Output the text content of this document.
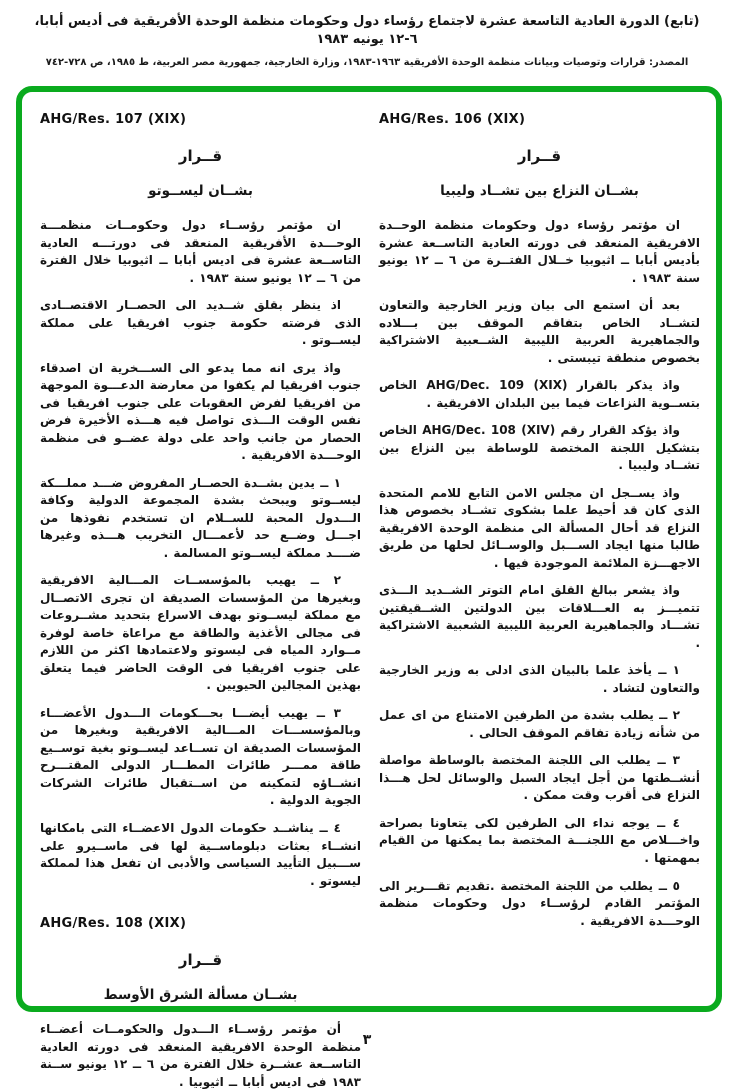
(تابع) الدورة العادية التاسعة عشرة لاجتماع رؤساء دول وحكومات منظمة الوحدة الأفريقية فى أديس أبابا، ٦-١٢ يونيه ١٩٨٣
المصدر: قرارات وتوصيات وبيانات منظمة الوحدة الأفريقية ١٩٦٣-١٩٨٣، وزارة الخارجية، جمهورية مصر العربية، ط ١٩٨٥، ص ٧٢٨-٧٤٢
AHG/Res. 106 (XIX)
قــرار
بشــان النزاع بين تشــاد وليبيا

ان مؤتمر رؤساء دول وحكومات منظمة الوحــدة الافريقية المنعقد فى دورته العادية التاســعة عشرة بأديس أبابا ــ اثيوبيا خــلال الفتــرة من ٦ ــ ١٢ يونيو سنة ١٩٨٣ .

بعد أن استمع الى بيان وزير الخارجية والتعاون لتشــاد الخاص بتفاقم الموقف بين بـــلاده والجماهيرية العربية الليبية الشــعبية الاشتراكية بخصوص منطقة تيبستى .

واذ يذكر بالقرار AHG/Dec. 109 (XIX) الخاص بتســوية النزاعات فيما بين البلدان الافريقية .

واذ يؤكد القرار رقم AHG/Dec. 108 (XIV) الخاص بتشكيل اللجنة المختصة للوساطة بين النزاع بين تشــاد وليبيا .

واذ يســجل ان مجلس الامن التابع للامم المتحدة الذى كان قد أحيط علما بشكوى تشــاد بخصوص هذا النزاع قد أحال المسألة الى منظمة الوحدة الافريقية طالبا منها ايجاد الســـبل والوســائل لحلها من طريق الاجهـــزة الملائمة الموجودة فيها .

واذ يشعر ببالغ القلق امام التوتر الشــديد الـــذى تتميـــز به العـــلاقات بين الدولتين الشــقيقتين تشـــاد والجماهيرية العربية الليبية الشعبية الاشتراكية .

١ ــ يأخذ علما بالبيان الذى ادلى به وزير الخارجية والتعاون لتشاد .

٢ ــ يطلب بشدة من الطرفين الامتناع من اى عمل من شأنه زيادة تفاقم الموقف الحالى .

٣ ــ يطلب الى اللجنة المختصة بالوساطة مواصلة أنشــطتها من أجل ايجاد السبل والوسائل لحل هـــذا النزاع فى أقرب وقت ممكن .

٤ ــ يوجه نداء الى الطرفين لكى يتعاونا بصراحة واخـــلاص مع اللجنـــة المختصة بما يمكنها من القيام بمهمتها .

٥ ــ يطلب من اللجنة المختصة .تقديم تقـــرير الى المؤتمر القادم لرؤســاء دول وحكومات منظمة الوحـــدة الافريقية .

AHG/Res. 107 (XIX)
قــرار
بشــان ليســوتو

ان مؤتمر رؤســاء دول وحكومــات منظمـــة الوحـــدة الأفريقية المنعقد فى دورتـــه العادية التاســعة عشرة فى اديس أبابا ــ اثيوبيا خلال الفترة من ٦ ــ ١٢ يونيو سنة ١٩٨٣ .

اذ ينظر بقلق شــديد الى الحصــار الاقتصــادى الذى فرضته حكومة جنوب افريقيا على مملكة ليســوتو .

واذ يرى انه مما يدعو الى الســـخرية ان اصدقاء جنوب افريقيا لم يكفوا من معارضة الدعـــوة الموجهة من افريقيا لفرض العقوبات على جنوب افريقيا فى نفس الوقت الـــذى تواصل فيه هـــذه الأخيرة فرض الحصار من جانب واحد على دولة عضــو فى منظمة الوحـــدة الافريقية .

١ ــ يدين بشــدة الحصــار المفروض ضـــد مملـــكة ليســوتو ويبحث بشدة المجموعة الدولية وكافة الـــدول المحبة للســلام ان تستخدم نفوذها من اجـــل وضــع حد لأعمـــال التخريب هـــذه وغيرها ضــــد مملكة ليســوتو المسالمة .

٢ ــ يهيب بالمؤسســات المـــالية الافريقية وبغيرها من المؤسسات الصديقة ان تجرى الاتصــال مع مملكة ليســوتو بهدف الاسراع بتحديد مشــروعات فى مجالى الأغذية والطاقة مع مراعاة خاصة لوفرة مــوارد المياه فى ليسوتو ولاعتمادها اكثر من اللازم على جنوب افريقيا فى الوقت الحاضر فيما يتعلق بهذين المجالين الحيويين .

٣ ــ يهيب أيضـــا بحـــكومات الـــدول الأعضـــاء وبالمؤسســـات المـــالية الافريقية وبغيرها من المؤسسات الصديقة ان تســاعد ليســوتو بغية توســيع طاقة ممـــر طائرات المطـــار الدولى المقتـــرح انشــاؤه لتمكينه من اســتقبال طائرات الشركات الجوية الدولية .

٤ ــ يناشــد حكومات الدول الاعضــاء التى بامكانها انشــاء بعثات دبلوماســية لها فى ماســيرو على ســـبيل التأييد السياسى والأدبى ان تفعل هذا لمملكة ليسوتو .

AHG/Res. 108 (XIX)
قــرار
بشــان مسألة الشرق الأوسط

أن مؤتمر رؤســاء الـــدول والحكومــات أعضــاء منظمة الوحدة الافريقية المنعقد فى دورته العادية التاســعة عشــرة خلال الفترة من ٦ ــ ١٢ يونيو ســنة ١٩٨٣ فى اديس أبابا ــ اثيوبيا .

٣
